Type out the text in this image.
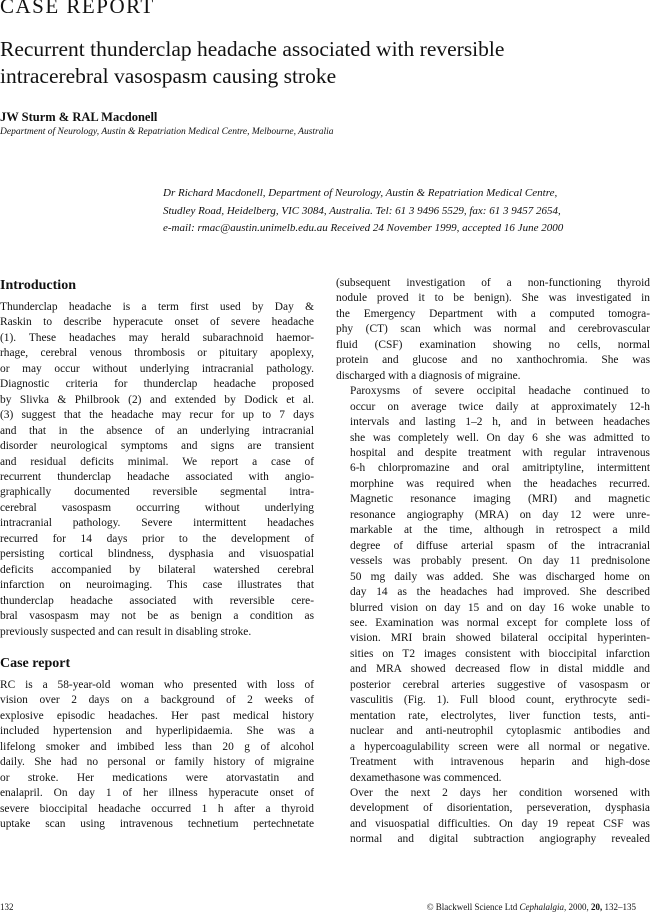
CASE REPORT
Recurrent thunderclap headache associated with reversible
intracerebral vasospasm causing stroke
JW Sturm & RAL Macdonell
Department of Neurology, Austin & Repatriation Medical Centre, Melbourne, Australia

Dr Richard Macdonell, Department of Neurology, Austin & Repatriation Medical Centre,

Studley Road, Heidelberg, VIC 3084, Australia. Tel: 61 3 9496 5529, fax: 61 3 9457 2654,

e-mail: rmac@austin.unimelb.edu.au Received 24 November 1999, accepted 16 June 2000

Introduction

Thunderclap headache is a term first used by Day &
Raskin to describe hyperacute onset of severe headache
(1). These headaches may herald subarachnoid haemor-
rhage, cerebral venous thrombosis or pituitary apoplexy,
or may occur without underlying intracranial pathology.
Diagnostic criteria for thunderclap headache proposed
by Slivka & Philbrook (2) and extended by Dodick et al.
(3) suggest that the headache may recur for up to 7 days
and that in the absence of an underlying intracranial
disorder neurological symptoms and signs are transient
and residual deficits minimal. We report a case of
recurrent thunderclap headache associated with angio-
graphically documented reversible segmental intra-
cerebral vasospasm occurring without underlying
intracranial pathology. Severe intermittent headaches
recurred for 14 days prior to the development of
persisting cortical blindness, dysphasia and visuospatial
deficits accompanied by bilateral watershed cerebral
infarction on neuroimaging. This case illustrates that
thunderclap headache associated with reversible cere-
bral vasospasm may not be as benign a condition as
previously suspected and can result in disabling stroke.

Case report

RC is a 58-year-old woman who presented with loss of
vision over 2 days on a background of 2 weeks of
explosive episodic headaches. Her past medical history
included hypertension and hyperlipidaemia. She was a
lifelong smoker and imbibed less than 20 g of alcohol
daily. She had no personal or family history of migraine
or stroke. Her medications were atorvastatin and
enalapril. On day 1 of her illness hyperacute onset of
severe bioccipital headache occurred 1 h after a thyroid
uptake scan using intravenous technetium pertechnetate

(subsequent investigation of a non-functioning thyroid
nodule proved it to be benign). She was investigated in
the Emergency Department with a computed tomogra-
phy (CT) scan which was normal and cerebrovascular
fluid (CSF) examination showing no cells, normal
protein and glucose and no xanthochromia. She was
discharged with a diagnosis of migraine.

Paroxysms of severe occipital headache continued to
occur on average twice daily at approximately 12-h
intervals and lasting 1–2 h, and in between headaches
she was completely well. On day 6 she was admitted to
hospital and despite treatment with regular intravenous
6-h chlorpromazine and oral amitriptyline, intermittent
morphine was required when the headaches recurred.
Magnetic resonance imaging (MRI) and magnetic
resonance angiography (MRA) on day 12 were unre-
markable at the time, although in retrospect a mild
degree of diffuse arterial spasm of the intracranial
vessels was probably present. On day 11 prednisolone
50 mg daily was added. She was discharged home on
day 14 as the headaches had improved. She described
blurred vision on day 15 and on day 16 woke unable to
see. Examination was normal except for complete loss of
vision. MRI brain showed bilateral occipital hyperinten-
sities on T2 images consistent with bioccipital infarction
and MRA showed decreased flow in distal middle and
posterior cerebral arteries suggestive of vasospasm or
vasculitis (Fig. 1). Full blood count, erythrocyte sedi-
mentation rate, electrolytes, liver function tests, anti-
nuclear and anti-neutrophil cytoplasmic antibodies and
a hypercoagulability screen were all normal or negative.
Treatment with intravenous heparin and high-dose
dexamethasone was commenced.

Over the next 2 days her condition worsened with
development of disorientation, perseveration, dysphasia
and visuospatial difficulties. On day 19 repeat CSF was
normal and digital subtraction angiography revealed

132	© Blackwell Science Ltd Cephalalgia, 2000, 20, 132–135
